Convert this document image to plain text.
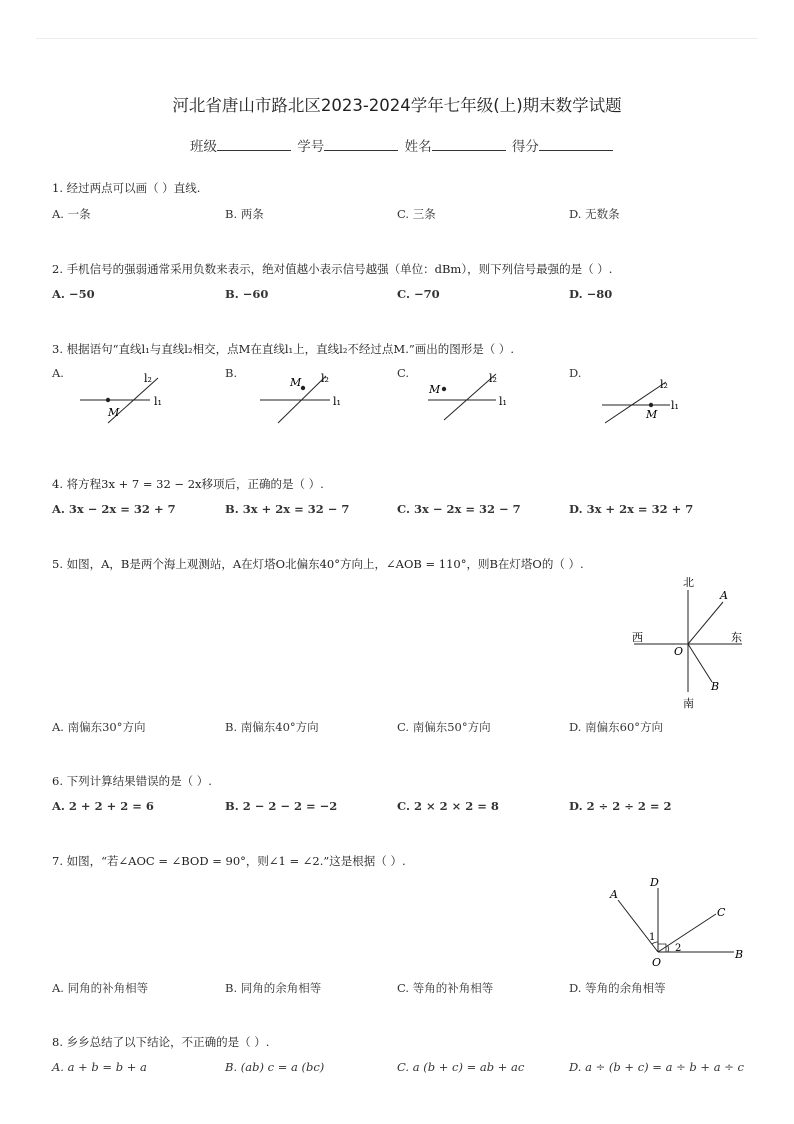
河北省唐山市路北区2023-2024学年七年级(上)期末数学试题
班级	学号	姓名	得分
1. 经过两点可以画（ ）直线.
A. 一条	B. 两条	C. 三条	D. 无数条
2. 手机信号的强弱通常采用负数来表示，绝对值越小表示信号越强（单位：dBm），则下列信号最强的是（ ）.
A. −50	B. −60	C. −70	D. −80
3. 根据语句“直线l₁与直线l₂相交，点M在直线l₁上，直线l₂不经过点M.”画出的图形是（ ）.
A.	B.	C.	D.
l₂
l₁
M
M l₂
l₁
M
l₂
l₁
l₂
l₁
M
4. 将方程3x + 7 = 32 − 2x移项后，正确的是（ ）.
A. 3x − 2x = 32 + 7	B. 3x + 2x = 32 − 7	C. 3x − 2x = 32 − 7	D. 3x + 2x = 32 + 7
5. 如图，A，B是两个海上观测站，A在灯塔O北偏东40°方向上，∠AOB = 110°，则B在灯塔O的（ ）.
北
南
西	东
O
A
B
A. 南偏东30°方向	B. 南偏东40°方向	C. 南偏东50°方向	D. 南偏东60°方向
6. 下列计算结果错误的是（ ）.
A. 2 + 2 + 2 = 6	B. 2 − 2 − 2 = −2	C. 2 × 2 × 2 = 8	D. 2 ÷ 2 ÷ 2 = 2
7. 如图，“若∠AOC = ∠BOD = 90°，则∠1 = ∠2.”这是根据（ ）.
A
D
C
B
O
1
2
A. 同角的补角相等	B. 同角的余角相等	C. 等角的补角相等	D. 等角的余角相等
8. 乡乡总结了以下结论，不正确的是（ ）.
A. a + b = b + a	B. (ab) c = a (bc)	C. a (b + c) = ab + ac	D. a ÷ (b + c) = a ÷ b + a ÷ c
